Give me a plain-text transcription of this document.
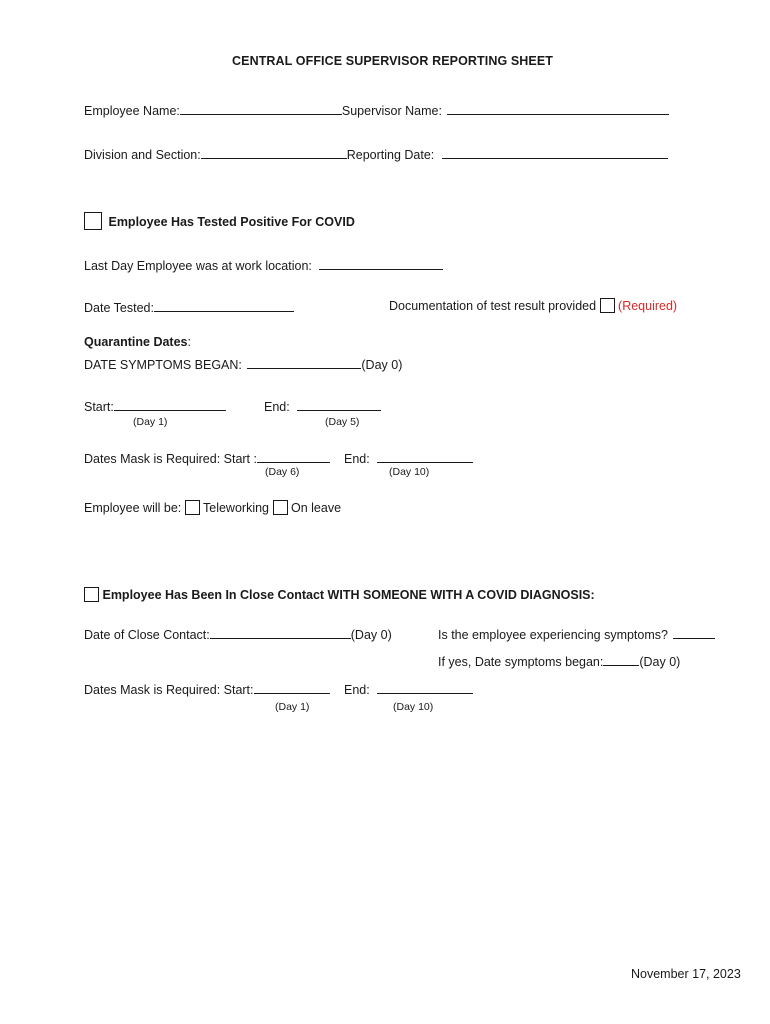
CENTRAL OFFICE SUPERVISOR REPORTING SHEET
Employee Name:	Supervisor Name:
Division and Section:	Reporting Date:
Employee Has Tested Positive For COVID
Last Day Employee was at work location:
Date Tested:	Documentation of test result provided (Required)
Quarantine Dates:
DATE SYMPTOMS BEGAN:	(Day 0)
Start:	End:
(Day 1)	(Day 5)
Dates Mask is Required: Start :	End:
(Day 6)	(Day 10)
Employee will be: Teleworking On leave
Employee Has Been In Close Contact WITH SOMEONE WITH A COVID DIAGNOSIS:
Date of Close Contact:	(Day 0)	Is the employee experiencing symptoms?
If yes, Date symptoms began:	(Day 0)
Dates Mask is Required: Start:	End:
(Day 1)	(Day 10)
November 17, 2023
